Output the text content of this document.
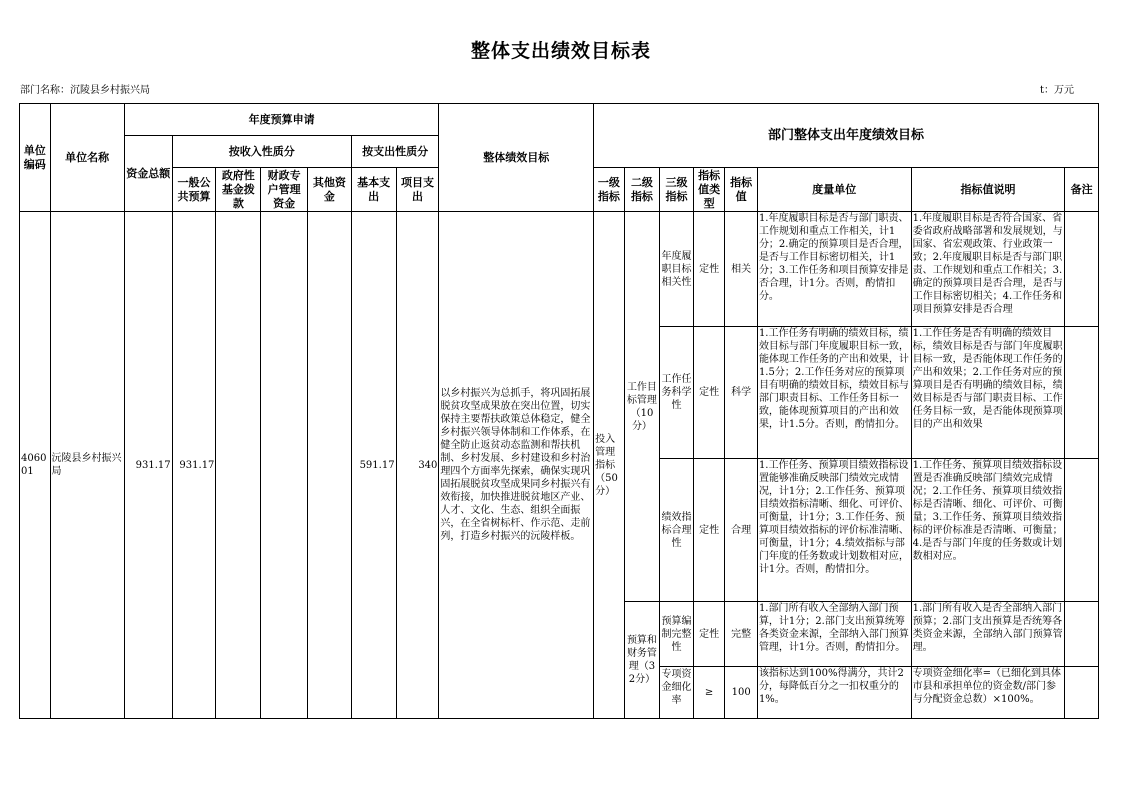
整体支出绩效目标表
部门名称：沉陵县乡村振兴局	t：万元
单位编码	单位名称	年度预算申请							整体绩效目标	部门整体支出年度绩效目标							
		资金总额	按收入性质分				按支出性质分										
			一般公共预算	政府性基金拨款	财政专户管理资金	其他资金	基本支出	项目支出		一级指标	二级指标	三级指标	指标值类型	指标值	度量单位	指标值说明	备注
406001	沅陵县乡村振兴局	931.17	931.17				591.17	340	以乡村振兴为总抓手，将巩固拓展脱贫攻坚成果放在突出位置，切实保持主要帮扶政策总体稳定，健全乡村振兴领导体制和工作体系，在健全防止返贫动态监测和帮扶机制、乡村发展、乡村建设和乡村治理四个方面率先探索，确保实现巩固拓展脱贫攻坚成果同乡村振兴有效衔接，加快推进脱贫地区产业、人才、文化、生态、组织全面振兴，在全省树标杆、作示范、走前列，打造乡村振兴的沅陵样板。	投入管理指标（50分）	工作目标管理（10分）	年度履职目标相关性	定性	相关	1.年度履职目标是否与部门职责、工作规划和重点工作相关，计1分；2.确定的预算项目是否合理，是否与工作目标密切相关，计1分；3.工作任务和项目预算安排是否合理，计1分。否则，酌情扣分。	1.年度履职目标是否符合国家、省委省政府战略部署和发展规划，与国家、省宏观政策、行业政策一致；2.年度履职目标是否与部门职责、工作规划和重点工作相关；3.确定的预算项目是否合理，是否与工作目标密切相关；4.工作任务和项目预算安排是否合理	

												工作任务科学性	定性	科学	1.工作任务有明确的绩效目标，绩效目标与部门年度履职目标一致，能体现工作任务的产出和效果，计1.5分；2.工作任务对应的预算项目有明确的绩效目标，绩效目标与部门职责目标、工作任务目标一致，能体现预算项目的产出和效果，计1.5分。否则，酌情扣分。	1.工作任务是否有明确的绩效目标，绩效目标是否与部门年度履职目标一致，是否能体现工作任务的产出和效果；2.工作任务对应的预算项目是否有明确的绩效目标，绩效目标是否与部门职责目标、工作任务目标一致，是否能体现预算项目的产出和效果	

												绩效指标合理性	定性	合理	1.工作任务、预算项目绩效指标设置能够准确反映部门绩效完成情况，计1分；2.工作任务、预算项目绩效指标清晰、细化、可评价、可衡量，计1分；3.工作任务、预算项目绩效指标的评价标准清晰、可衡量，计1分；4.绩效指标与部门年度的任务数或计划数相对应，计1分。否则，酌情扣分。	1.工作任务、预算项目绩效指标设置是否准确反映部门绩效完成情况；2.工作任务、预算项目绩效指标是否清晰、细化、可评价、可衡量；3.工作任务、预算项目绩效指标的评价标准是否清晰、可衡量；4.是否与部门年度的任务数或计划数相对应。	

											预算和财务管理（32分）	预算编制完整性	定性	完整	1.部门所有收入全部纳入部门预算，计1分；2.部门支出预算统筹各类资金来源，全部纳入部门预算管理，计1分。否则，酌情扣分。	1.部门所有收入是否全部纳入部门预算；2.部门支出预算是否统筹各类资金来源，全部纳入部门预算管理。	

												专项资金细化率	≥	100	该指标达到100%得满分，共计2分，每降低百分之一扣权重分的1%。	专项资金细化率=（已细化到具体市县和承担单位的资金数/部门参与分配资金总数）×100%。	
